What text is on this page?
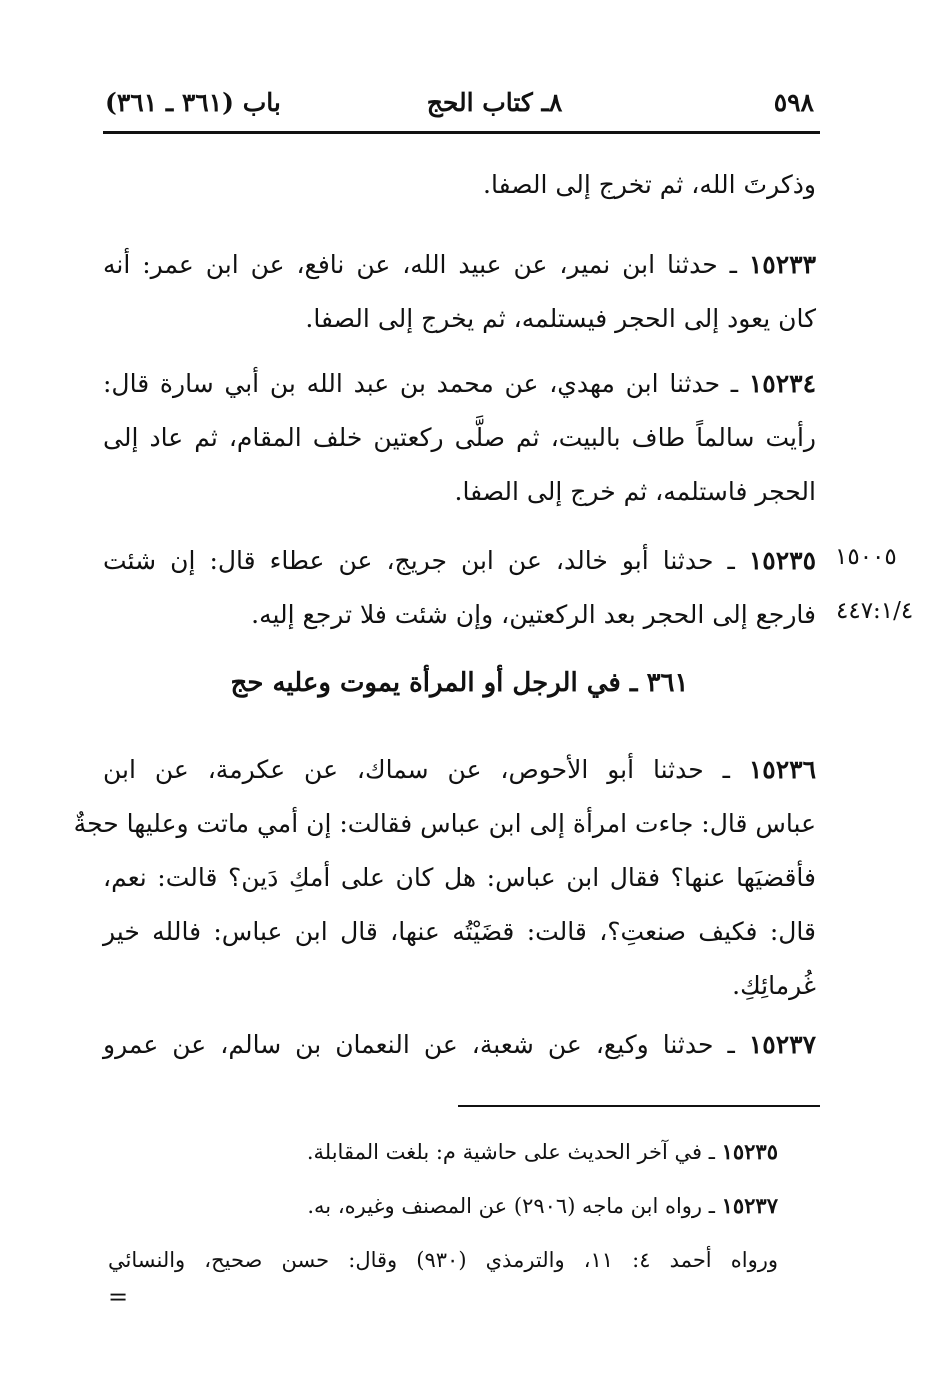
٥٩٨
٨ـ كتاب الحج
باب (٣٦١ ـ ٣٦١)
وذكرتَ الله، ثم تخرج إلى الصفا.
١٥٢٣٣ ـ حدثنا ابن نمير، عن عبيد الله، عن نافع، عن ابن عمر: أنه
كان يعود إلى الحجر فيستلمه، ثم يخرج إلى الصفا.
١٥٢٣٤ ـ حدثنا ابن مهدي، عن محمد بن عبد الله بن أبي سارة قال:
رأيت سالماً طاف بالبيت، ثم صلَّى ركعتين خلف المقام، ثم عاد إلى
الحجر فاستلمه، ثم خرج إلى الصفا.
١٥٢٣٥ ـ حدثنا أبو خالد، عن ابن جريج، عن عطاء قال: إن شئت
فارجع إلى الحجر بعد الركعتين، وإن شئت فلا ترجع إليه.
١٥٠٠٥
٤٤٧:١/٤
٣٦١ ـ في الرجل أو المرأة يموت وعليه حج
١٥٢٣٦ ـ حدثنا أبو الأحوص، عن سماك، عن عكرمة، عن ابن
عباس قال: جاءت امرأة إلى ابن عباس فقالت: إن أمي ماتت وعليها حجةٌ
فأقضيَها عنها؟ فقال ابن عباس: هل كان على أمكِ دَين؟ قالت: نعم،
قال: فكيف صنعتِ؟، قالت: قضَيْتُه عنها، قال ابن عباس: فالله خير
غُرمائِكِ.
١٥٢٣٧ ـ حدثنا وكيع، عن شعبة، عن النعمان بن سالم، عن عمرو
١٥٢٣٥ ـ في آخر الحديث على حاشية م: بلغت المقابلة.
١٥٢٣٧ ـ رواه ابن ماجه (٢٩٠٦) عن المصنف وغيره، به.
ورواه أحمد ٤: ١١، والترمذي (٩٣٠) وقال: حسن صحيح، والنسائي
=
